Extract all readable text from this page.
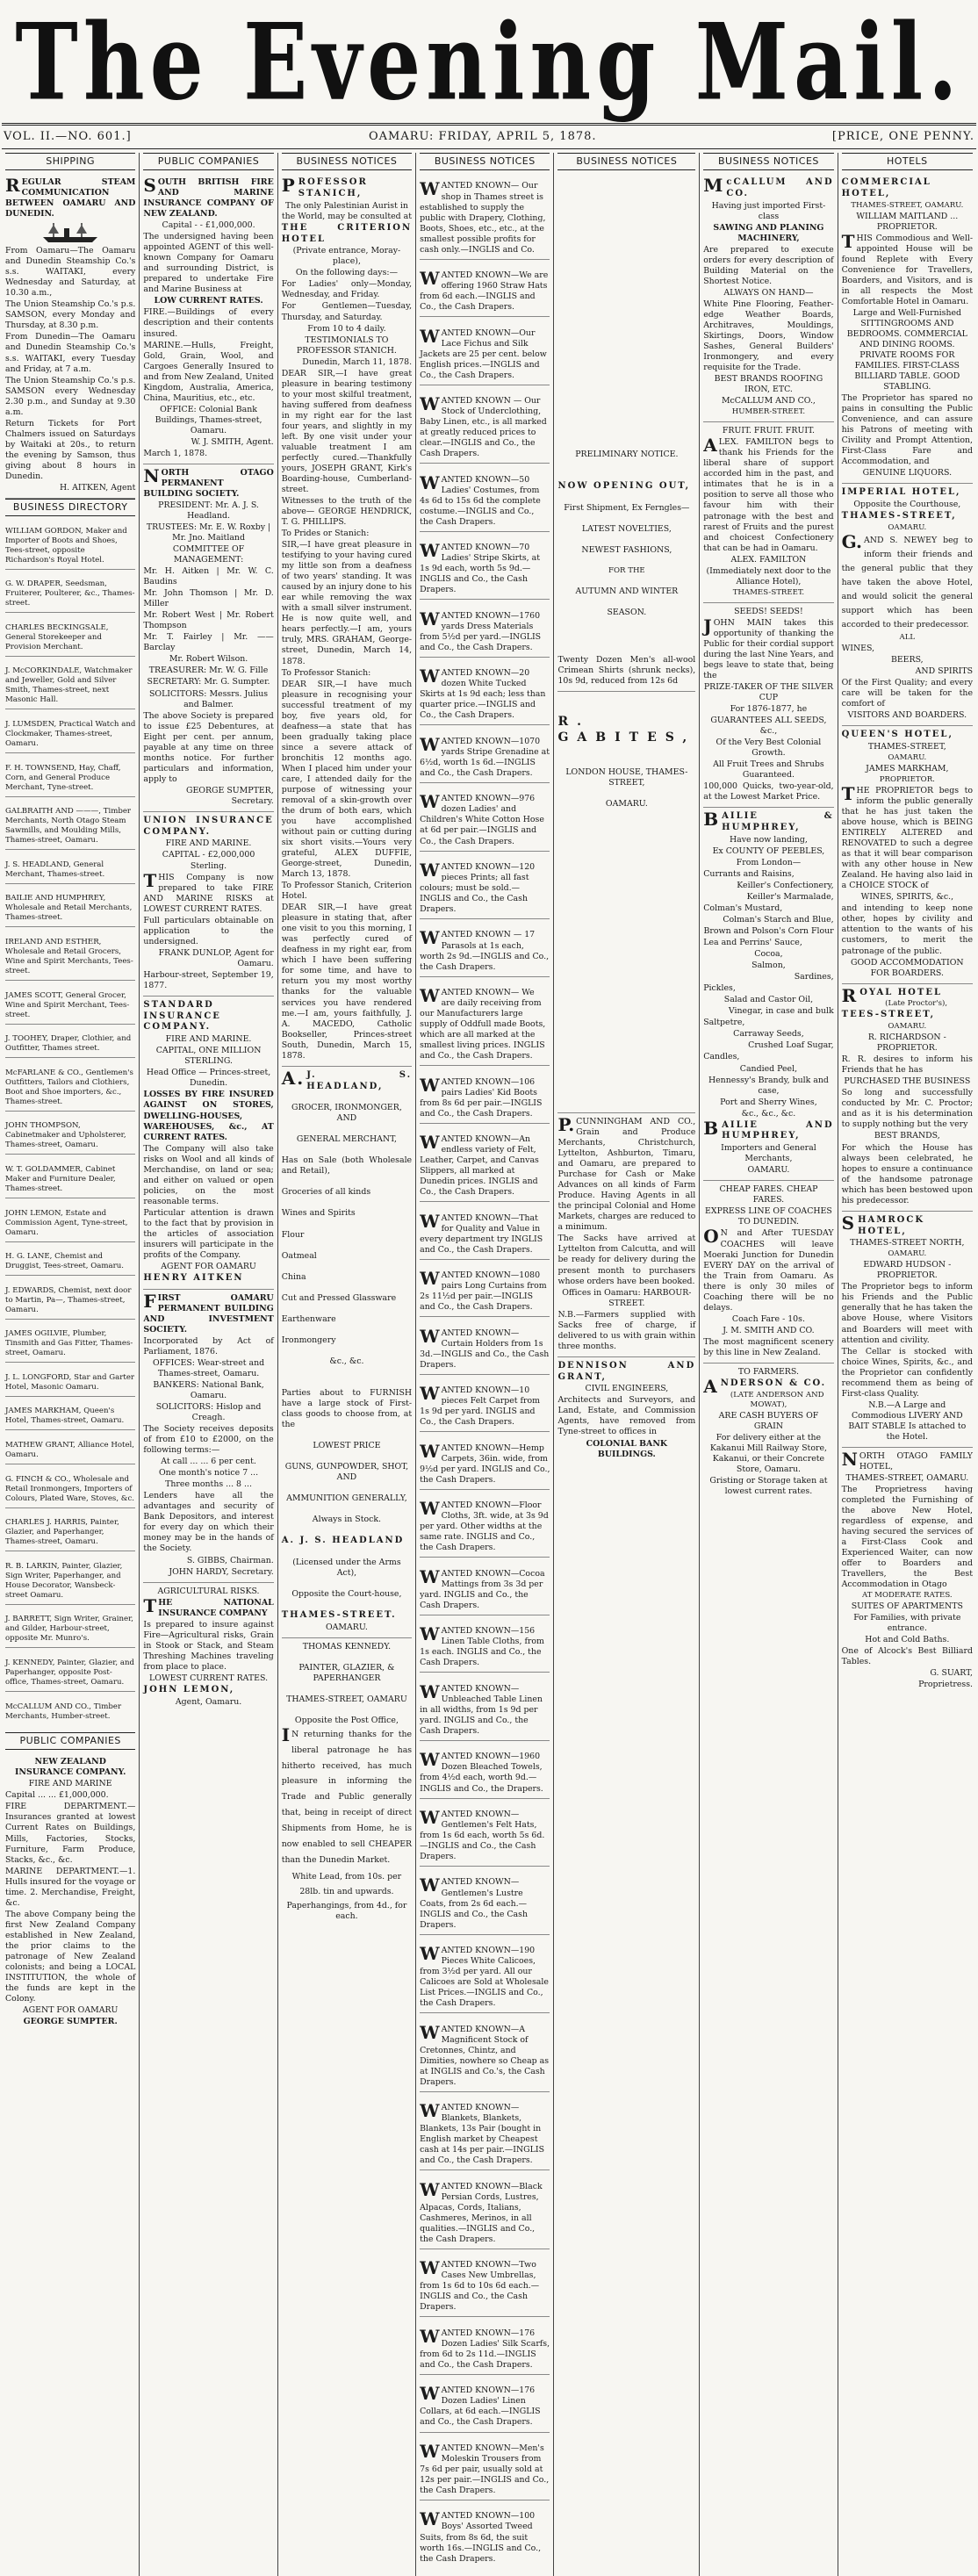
The Evening Mail.
VOL. II.—NO. 601.]	OAMARU: FRIDAY, APRIL 5, 1878.	[PRICE, ONE PENNY.
SHIPPING

REGULAR STEAM COMMUNICATION BETWEEN OAMARU AND DUNEDIN.

From Oamaru—The Oamaru and Dunedin Steamship Co.'s s.s. WAITAKI, every Wednesday and Saturday, at 10.30 a.m.,

The Union Steamship Co.'s p.s. SAMSON, every Monday and Thursday, at 8.30 p.m.

From Dunedin—The Oamaru and Dunedin Steamship Co.'s s.s. WAITAKI, every Tuesday and Friday, at 7 a.m.

The Union Steamship Co.'s p.s. SAMSON every Wednesday 2.30 p.m., and Sunday at 9.30 a.m.

Return Tickets for Port Chalmers issued on Saturdays by Waitaki at 20s., to return the evening by Samson, thus giving about 8 hours in Dunedin.

H. AITKEN, Agent

BUSINESS DIRECTORY

WILLIAM GORDON, Maker and Importer of Boots and Shoes, Tees-street, opposite Richardson's Royal Hotel.

G. W. DRAPER, Seedsman, Fruiterer, Poulterer, &c., Thames-street.

CHARLES BECKINGSALE, General Storekeeper and Provision Merchant.

J. McCORKINDALE, Watchmaker and Jeweller, Gold and Silver Smith, Thames-street, next Masonic Hall.

J. LUMSDEN, Practical Watch and Clockmaker, Thames-street, Oamaru.

F. H. TOWNSEND, Hay, Chaff, Corn, and General Produce Merchant, Tyne-street.

GALBRAITH AND ———, Timber Merchants, North Otago Steam Sawmills, and Moulding Mills, Thames-street, Oamaru.

J. S. HEADLAND, General Merchant, Thames-street.

BAILIE AND HUMPHREY, Wholesale and Retail Merchants, Thames-street.

IRELAND AND ESTHER, Wholesale and Retail Grocers, Wine and Spirit Merchants, Tees-street.

JAMES SCOTT, General Grocer, Wine and Spirit Merchant, Tees-street.

J. TOOHEY, Draper, Clothier, and Outfitter, Thames street.

McFARLANE & CO., Gentlemen's Outfitters, Tailors and Clothiers, Boot and Shoe importers, &c., Thames-street.

JOHN THOMPSON, Cabinetmaker and Upholsterer, Thames-street, Oamaru.

W. T. GOLDAMMER, Cabinet Maker and Furniture Dealer, Thames-street.

JOHN LEMON, Estate and Commission Agent, Tyne-street, Oamaru.

H. G. LANE, Chemist and Druggist, Tees-street, Oamaru.

J. EDWARDS, Chemist, next door to Martin, Pa—, Thames-street, Oamaru.

JAMES OGILVIE, Plumber, Tinsmith and Gas Fitter, Thames-street, Oamaru.

J. L. LONGFORD, Star and Garter Hotel, Masonic Oamaru.

JAMES MARKHAM, Queen's Hotel, Thames-street, Oamaru.

MATHEW GRANT, Alliance Hotel, Oamaru.

G. FINCH & CO., Wholesale and Retail Ironmongers, Importers of Colours, Plated Ware, Stoves, &c.

CHARLES J. HARRIS, Painter, Glazier, and Paperhanger, Thames-street, Oamaru.

R. B. LARKIN, Painter, Glazier, Sign Writer, Paperhanger, and House Decorator, Wansbeck-street Oamaru.

J. BARRETT, Sign Writer, Grainer, and Gilder, Harbour-street, opposite Mr. Munro's.

J. KENNEDY, Painter, Glazier, and Paperhanger, opposite Post-office, Thames-street, Oamaru.

McCALLUM AND CO., Timber Merchants, Humber-street.

PUBLIC COMPANIES

NEW ZEALAND INSURANCE COMPANY.

FIRE AND MARINE

Capital ... ... £1,000,000.

FIRE DEPARTMENT.—Insurances granted at lowest Current Rates on Buildings, Mills, Factories, Stocks, Furniture, Farm Produce, Stacks, &c., &c.

MARINE DEPARTMENT.—1. Hulls insured for the voyage or time. 2. Merchandise, Freight, &c.

The above Company being the first New Zealand Company established in New Zealand, the prior claims to the patronage of New Zealand colonists; and being a LOCAL INSTITUTION, the whole of the funds are kept in the Colony.

AGENT FOR OAMARU

GEORGE SUMPTER.

PUBLIC COMPANIES

SOUTH BRITISH FIRE AND MARINE INSURANCE COMPANY OF NEW ZEALAND.

Capital - - £1,000,000.

The undersigned having been appointed AGENT of this well-known Company for Oamaru and surrounding District, is prepared to undertake Fire and Marine Business at

LOW CURRENT RATES.

FIRE.—Buildings of every description and their contents insured.

MARINE.—Hulls, Freight, Gold, Grain, Wool, and Cargoes Generally Insured to and from New Zealand, United Kingdom, Australia, America, China, Mauritius, etc., etc.

OFFICE: Colonial Bank Buildings, Thames-street, Oamaru.

W. J. SMITH, Agent.

March 1, 1878.

NORTH OTAGO PERMANENT BUILDING SOCIETY.

PRESIDENT: Mr. A. J. S. Headland.

TRUSTEES: Mr. E. W. Roxby | Mr. Jno. Maitland

COMMITTEE OF MANAGEMENT:

Mr. H. Aitken | Mr. W. C. Baudins

Mr. John Thomson | Mr. D. Miller

Mr. Robert West | Mr. Robert Thompson

Mr. T. Fairley | Mr. —— Barclay

Mr. Robert Wilson.

TREASURER: Mr. W. G. Fille

SECRETARY: Mr. G. Sumpter.

SOLICITORS: Messrs. Julius and Balmer.

The above Society is prepared to issue £25 Debentures, at Eight per cent. per annum, payable at any time on three months notice. For further particulars and information, apply to

GEORGE SUMPTER, Secretary.

UNION INSURANCE COMPANY.

FIRE AND MARINE.

CAPITAL - £2,000,000 Sterling.

THIS Company is now prepared to take FIRE AND MARINE RISKS at LOWEST CURRENT RATES.

Full particulars obtainable on application to the undersigned.

FRANK DUNLOP, Agent for Oamaru.

Harbour-street, September 19, 1877.

STANDARD INSURANCE COMPANY.

FIRE AND MARINE.

CAPITAL, ONE MILLION STERLING.

Head Office — Princes-street, Dunedin.

LOSSES BY FIRE INSURED AGAINST ON STORES, DWELLING-HOUSES, WAREHOUSES, &c., AT CURRENT RATES.

The Company will also take risks on Wool and all kinds of Merchandise, on land or sea; and either on valued or open policies, on the most reasonable terms.

Particular attention is drawn to the fact that by provision in the articles of association insurers will participate in the profits of the Company.

AGENT FOR OAMARU

HENRY AITKEN

FIRST OAMARU PERMANENT BUILDING AND INVESTMENT SOCIETY.

Incorporated by Act of Parliament, 1876.

OFFICES: Wear-street and Thames-street, Oamaru.

BANKERS: National Bank, Oamaru.

SOLICITORS: Hislop and Creagh.

The Society receives deposits of from £10 to £2000, on the following terms:—

At call ... ... 6 per cent.

One month's notice 7 ...

Three months ... 8 ...

Lenders have all the advantages and security of Bank Depositors, and interest for every day on which their money may be in the hands of the Society.

S. GIBBS, Chairman.

JOHN HARDY, Secretary.

AGRICULTURAL RISKS.

THE NATIONAL INSURANCE COMPANY

Is prepared to insure against Fire—Agricultural risks, Grain in Stook or Stack, and Steam Threshing Machines traveling from place to place.

LOWEST CURRENT RATES.

JOHN LEMON,

Agent, Oamaru.

BUSINESS NOTICES

PROFESSOR STANICH,

The only Palestinian Aurist in the World, may be consulted at

THE CRITERION HOTEL

(Private entrance, Moray-place),

On the following days:—

For Ladies' only—Monday, Wednesday, and Friday.

For Gentlemen—Tuesday, Thursday, and Saturday.

From 10 to 4 daily.

TESTIMONIALS TO PROFESSOR STANICH.

Dunedin, March 11, 1878.

DEAR SIR,—I have great pleasure in bearing testimony to your most skilful treatment, having suffered from deafness in my right ear for the last four years, and slightly in my left. By one visit under your valuable treatment I am perfectly cured.—Thankfully yours, JOSEPH GRANT, Kirk's Boarding-house, Cumberland-street.

Witnesses to the truth of the above— GEORGE HENDRICK, T. G. PHILLIPS.

To Prides or Stanich:

SIR,—I have great pleasure in testifying to your having cured my little son from a deafness of two years' standing. It was caused by an injury done to his ear while removing the wax with a small silver instrument. He is now quite well, and hears perfectly.—I am, yours truly, MRS. GRAHAM, George-street, Dunedin, March 14, 1878.

To Professor Stanich:

DEAR SIR,—I have much pleasure in recognising your successful treatment of my boy, five years old, for deafness—a state that has been gradually taking place since a severe attack of bronchitis 12 months ago. When I placed him under your care, I attended daily for the purpose of witnessing your removal of a skin-growth over the drum of both ears, which you have accomplished without pain or cutting during six short visits.—Yours very grateful, ALEX DUFFIE, George-street, Dunedin, March 13, 1878.

To Professor Stanich, Criterion Hotel.

DEAR SIR,—I have great pleasure in stating that, after one visit to you this morning, I was perfectly cured of deafness in my right ear, from which I have been suffering for some time, and have to return you my most worthy thanks for the valuable services you have rendered me.—I am, yours faithfully, J. A. MACEDO, Catholic Bookseller, Princes-street South, Dunedin, March 15, 1878.

A.J. S. HEADLAND,

GROCER, IRONMONGER, AND

GENERAL MERCHANT,

Has on Sale (both Wholesale and Retail),

Groceries of all kinds

Wines and Spirits

Flour

Oatmeal

China

Cut and Pressed Glassware

Earthenware

Ironmongery

&c., &c.

Parties about to FURNISH have a large stock of First-class goods to choose from, at the

LOWEST PRICE

GUNS, GUNPOWDER, SHOT, AND

AMMUNITION GENERALLY,

Always in Stock.

A. J. S. HEADLAND

(Licensed under the Arms Act),

Opposite the Court-house,

THAMES-STREET.

OAMARU.

THOMAS KENNEDY.

PAINTER, GLAZIER, & PAPERHANGER

THAMES-STREET, OAMARU

Opposite the Post Office,

IN returning thanks for the liberal patronage he has hitherto received, has much pleasure in informing the Trade and Public generally that, being in receipt of direct Shipments from Home, he is now enabled to sell CHEAPER than the Dunedin Market.

White Lead, from 10s. per 28lb. tin and upwards.

Paperhangings, from 4d., for each.

BUSINESS NOTICES

WANTED KNOWN— Our shop in Thames street is established to supply the public with Drapery, Clothing, Boots, Shoes, etc., etc., at the smallest possible profits for cash only.—INGLIS and Co.

WANTED KNOWN—We are offering 1960 Straw Hats from 6d each.—INGLIS and Co., the Cash Drapers.

WANTED KNOWN—Our Lace Fichus and Silk Jackets are 25 per cent. below English prices.—INGLIS and Co., the Cash Drapers.

WANTED KNOWN — Our Stock of Underclothing, Baby Linen, etc., is all marked at greatly reduced prices to clear.—INGLIS and Co., the Cash Drapers.

WANTED KNOWN—50 Ladies' Costumes, from 4s 6d to 15s 6d the complete costume.—INGLIS and Co., the Cash Drapers.

WANTED KNOWN—70 Ladies' Stripe Skirts, at 1s 9d each, worth 5s 9d.—INGLIS and Co., the Cash Drapers.

WANTED KNOWN—1760 yards Dress Materials from 5½d per yard.—INGLIS and Co., the Cash Drapers.

WANTED KNOWN—20 dozen White Tucked Skirts at 1s 9d each; less than quarter price.—INGLIS and Co., the Cash Drapers.

WANTED KNOWN—1070 yards Stripe Grenadine at 6½d, worth 1s 6d.—INGLIS and Co., the Cash Drapers.

WANTED KNOWN—976 dozen Ladies' and Children's White Cotton Hose at 6d per pair.—INGLIS and Co., the Cash Drapers.

WANTED KNOWN—120 pieces Prints; all fast colours; must be sold.—INGLIS and Co., the Cash Drapers.

WANTED KNOWN — 17 Parasols at 1s each, worth 2s 9d.—INGLIS and Co., the Cash Drapers.

WANTED KNOWN— We are daily receiving from our Manufacturers large supply of Oddfull made Boots, which are all marked at the smallest living prices. INGLIS and Co., the Cash Drapers.

WANTED KNOWN—106 pairs Ladies' Kid Boots from 8s 6d per pair.—INGLIS and Co., the Cash Drapers.

WANTED KNOWN—An endless variety of Felt, Leather, Carpet, and Canvas Slippers, all marked at Dunedin prices. INGLIS and Co., the Cash Drapers.

WANTED KNOWN—That for Quality and Value in every department try INGLIS and Co., the Cash Drapers.

WANTED KNOWN—1080 pairs Long Curtains from 2s 11½d per pair.—INGLIS and Co., the Cash Drapers.

WANTED KNOWN—Curtain Holders from 1s 3d.—INGLIS and Co., the Cash Drapers.

WANTED KNOWN—10 pieces Felt Carpet from 1s 9d per yard. INGLIS and Co., the Cash Drapers.

WANTED KNOWN—Hemp Carpets, 36in. wide, from 9½d per yard. INGLIS and Co., the Cash Drapers.

WANTED KNOWN—Floor Cloths, 3ft. wide, at 3s 9d per yard. Other widths at the same rate. INGLIS and Co., the Cash Drapers.

WANTED KNOWN—Cocoa Mattings from 3s 3d per yard. INGLIS and Co., the Cash Drapers.

WANTED KNOWN—156 Linen Table Cloths, from 1s each. INGLIS and Co., the Cash Drapers.

WANTED KNOWN—Unbleached Table Linen in all widths, from 1s 9d per yard. INGLIS and Co., the Cash Drapers.

WANTED KNOWN—1960 Dozen Bleached Towels, from 4½d each, worth 9d.—INGLIS and Co., the Drapers.

WANTED KNOWN—Gentlemen's Felt Hats, from 1s 6d each, worth 5s 6d.—INGLIS and Co., the Cash Drapers.

WANTED KNOWN—Gentlemen's Lustre Coats, from 2s 6d each.—INGLIS and Co., the Cash Drapers.

WANTED KNOWN—190 Pieces White Calicoes, from 3½d per yard. All our Calicoes are Sold at Wholesale List Prices.—INGLIS and Co., the Cash Drapers.

WANTED KNOWN—A Magnificent Stock of Cretonnes, Chintz, and Dimities, nowhere so Cheap as at INGLIS and Co.'s, the Cash Drapers.

WANTED KNOWN—Blankets, Blankets, Blankets, 13s Pair (bought in English market by Cheapest cash at 14s per pair.—INGLIS and Co., the Cash Drapers.

WANTED KNOWN—Black Persian Cords, Lustres, Alpacas, Cords, Italians, Cashmeres, Merinos, in all qualities.—INGLIS and Co., the Cash Drapers.

WANTED KNOWN—Two Cases New Umbrellas, from 1s 6d to 10s 6d each.—INGLIS and Co., the Cash Drapers.

WANTED KNOWN—176 Dozen Ladies' Silk Scarfs, from 6d to 2s 11d.—INGLIS and Co., the Cash Drapers.

WANTED KNOWN—176 Dozen Ladies' Linen Collars, at 6d each.—INGLIS and Co., the Cash Drapers.

WANTED KNOWN—Men's Moleskin Trousers from 7s 6d per pair, usually sold at 12s per pair.—INGLIS and Co., the Cash Drapers.

WANTED KNOWN—100 Boys' Assorted Tweed Suits, from 8s 6d, the suit worth 16s.—INGLIS and Co., the Cash Drapers.

BUSINESS NOTICES

PRELIMINARY NOTICE.

NOW OPENING OUT,

First Shipment, Ex Ferngles—

LATEST NOVELTIES,

NEWEST FASHIONS,

FOR THE

AUTUMN AND WINTER

SEASON.

Twenty Dozen Men's all-wool Crimean Shirts (shrunk necks), 10s 9d, reduced from 12s 6d

R. GABITES,

LONDON HOUSE, THAMES-STREET,

OAMARU.

P.CUNNINGHAM AND CO., Grain and Produce Merchants, Christchurch, Lyttelton, Ashburton, Timaru, and Oamaru, are prepared to Purchase for Cash or Make Advances on all kinds of Farm Produce. Having Agents in all the principal Colonial and Home Markets, charges are reduced to a minimum.

The Sacks have arrived at Lyttelton from Calcutta, and will be ready for delivery during the present month to purchasers whose orders have been booked.

Offices in Oamaru: HARBOUR-STREET.

N.B.—Farmers supplied with Sacks free of charge, if delivered to us with grain within three months.

DENNISON AND GRANT,

CIVIL ENGINEERS,

Architects and Surveyors, and Land, Estate, and Commission Agents, have removed from Tyne-street to offices in

COLONIAL BANK BUILDINGS.

BUSINESS NOTICES

McCALLUM AND CO.

Having just imported First-class

SAWING AND PLANING MACHINERY,

Are prepared to execute orders for every description of Building Material on the Shortest Notice.

ALWAYS ON HAND—

White Pine Flooring, Feather-edge Weather Boards, Architraves, Mouldings, Skirtings, Doors, Window Sashes, General Builders' Ironmongery, and every requisite for the Trade.

BEST BRANDS ROOFING IRON, ETC.

McCALLUM AND CO.,

HUMBER-STREET.

FRUIT. FRUIT. FRUIT.

ALEX. FAMILTON begs to thank his Friends for the liberal share of support accorded him in the past, and intimates that he is in a position to serve all those who favour him with their patronage with the best and rarest of Fruits and the purest and choicest Confectionery that can be had in Oamaru.

ALEX. FAMILTON

(Immediately next door to the Alliance Hotel),

THAMES-STREET.

SEEDS! SEEDS!

JOHN MAIN takes this opportunity of thanking the Public for their cordial support during the last Nine Years, and begs leave to state that, being the

PRIZE-TAKER OF THE SILVER CUP

For 1876-1877, he

GUARANTEES ALL SEEDS, &c.,

Of the Very Best Colonial Growth.

All Fruit Trees and Shrubs Guaranteed.

100,000 Quicks, two-year-old, at the Lowest Market Price.

BAILIE & HUMPHREY,

Have now landing,

Ex COUNTY OF PEEBLES,

From London—

Currants and Raisins,

Keiller's Confectionery,

Keiller's Marmalade,

Colman's Mustard,

Colman's Starch and Blue,

Brown and Polson's Corn Flour

Lea and Perrins' Sauce,

Cocoa,

Salmon,

Sardines,

Pickles,

Salad and Castor Oil,

Vinegar, in case and bulk

Saltpetre,

Carraway Seeds,

Crushed Loaf Sugar,

Candles,

Candied Peel,

Hennessy's Brandy, bulk and case,

Port and Sherry Wines,

&c., &c., &c.

BAILIE AND HUMPHREY,

Importers and General Merchants,

OAMARU.

CHEAP FARES. CHEAP FARES.

EXPRESS LINE OF COACHES TO DUNEDIN.

ON and After TUESDAY COACHES will leave Moeraki Junction for Dunedin EVERY DAY on the arrival of the Train from Oamaru. As there is only 30 miles of Coaching there will be no delays.

Coach Fare - 10s.

J. M. SMITH AND CO.

The most magnificent scenery by this line in New Zealand.

TO FARMERS.

ANDERSON & CO.

(LATE ANDERSON AND MOWAT),

ARE CASH BUYERS OF GRAIN

For delivery either at the Kakanui Mill Railway Store, Kakanui, or their Concrete Store, Oamaru.

Gristing or Storage taken at lowest current rates.

HOTELS

COMMERCIAL HOTEL,

THAMES-STREET, OAMARU.

WILLIAM MAITLAND ... PROPRIETOR.

THIS Commodious and Well-appointed House will be found Replete with Every Convenience for Travellers, Boarders, and Visitors, and is in all respects the Most Comfortable Hotel in Oamaru.

Large and Well-Furnished SITTINGROOMS AND BEDROOMS. COMMERCIAL AND DINING ROOMS. PRIVATE ROOMS FOR FAMILIES. FIRST-CLASS BILLIARD TABLE. GOOD STABLING.

The Proprietor has spared no pains in consulting the Public Convenience, and can assure his Patrons of meeting with Civility and Prompt Attention, First-Class Fare and Accommodation, and

GENUINE LIQUORS.

IMPERIAL HOTEL,

Opposite the Courthouse,

THAMES-STREET,

OAMARU.

G.AND S. NEWEY beg to inform their friends and the general public that they have taken the above Hotel, and would solicit the general support which has been accorded to their predecessor.

ALL

WINES,

BEERS,

AND SPIRITS

Of the First Quality; and every care will be taken for the comfort of

VISITORS AND BOARDERS.

QUEEN'S HOTEL,

THAMES-STREET,

OAMARU.

JAMES MARKHAM,

PROPRIETOR.

THE PROPRIETOR begs to inform the public generally that he has just taken the above house, which is BEING ENTIRELY ALTERED and RENOVATED to such a degree as that it will bear comparison with any other house in New Zealand. He having also laid in a CHOICE STOCK of

WINES, SPIRITS, &c.,

and intending to keep none other, hopes by civility and attention to the wants of his customers, to merit the patronage of the public.

GOOD ACCOMMODATION FOR BOARDERS.

ROYAL HOTEL

(Late Proctor's),

TEES-STREET,

OAMARU.

R. RICHARDSON - PROPRIETOR.

R. R. desires to inform his Friends that he has

PURCHASED THE BUSINESS

So long and successfully conducted by Mr. C. Proctor; and as it is his determination to supply nothing but the very

BEST BRANDS,

For which the House has always been celebrated, he hopes to ensure a continuance of the handsome patronage which has been bestowed upon his predecessor.

SHAMROCK HOTEL,

THAMES-STREET NORTH,

OAMARU.

EDWARD HUDSON - PROPRIETOR.

The Proprietor begs to inform his Friends and the Public generally that he has taken the above House, where Visitors and Boarders will meet with attention and civility.

The Cellar is stocked with choice Wines, Spirits, &c., and the Proprietor can confidently recommend them as being of First-class Quality.

N.B.—A Large and Commodious LIVERY AND BAIT STABLE Is attached to the Hotel.

NORTH OTAGO FAMILY HOTEL,

THAMES-STREET, OAMARU.

The Proprietress having completed the Furnishing of the above New Hotel, regardless of expense, and having secured the services of a First-Class Cook and Experienced Waiter, can now offer to Boarders and Travellers, the Best Accommodation in Otago

AT MODERATE RATES.

SUITES OF APARTMENTS

For Families, with private entrance.

Hot and Cold Baths.

One of Alcock's Best Billiard Tables.

G. SUART,

Proprietress.
